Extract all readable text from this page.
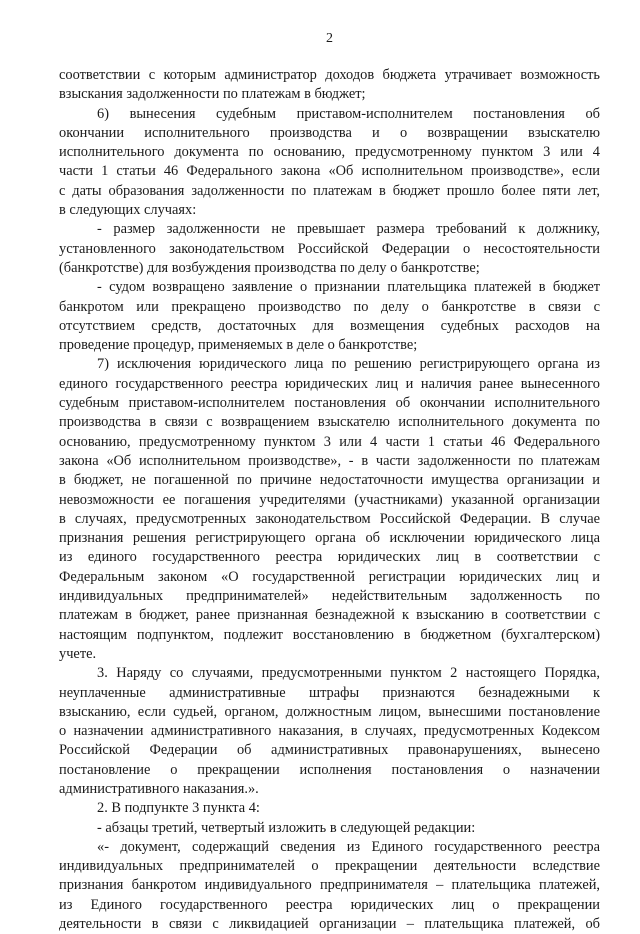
2
соответствии с которым администратор доходов бюджета утрачивает возможность
взыскания задолженности по платежам в бюджет;
6) вынесения судебным приставом-исполнителем постановления об
окончании исполнительного производства и о возвращении взыскателю
исполнительного документа по основанию, предусмотренному пунктом 3 или 4
части 1 статьи 46 Федерального закона «Об исполнительном производстве», если
с даты образования задолженности по платежам в бюджет прошло более пяти лет,
в следующих случаях:
- размер задолженности не превышает размера требований к должнику,
установленного законодательством Российской Федерации о несостоятельности
(банкротстве) для возбуждения производства по делу о банкротстве;
- судом возвращено заявление о признании плательщика платежей в бюджет
банкротом или прекращено производство по делу о банкротстве в связи с
отсутствием средств, достаточных для возмещения судебных расходов на
проведение процедур, применяемых в деле о банкротстве;
7) исключения юридического лица по решению регистрирующего органа из
единого государственного реестра юридических лиц и наличия ранее вынесенного
судебным приставом-исполнителем постановления об окончании исполнительного
производства в связи с возвращением взыскателю исполнительного документа по
основанию, предусмотренному пунктом 3 или 4 части 1 статьи 46 Федерального
закона «Об исполнительном производстве», - в части задолженности по платежам
в бюджет, не погашенной по причине недостаточности имущества организации и
невозможности ее погашения учредителями (участниками) указанной организации
в случаях, предусмотренных законодательством Российской Федерации. В случае
признания решения регистрирующего органа об исключении юридического лица
из единого государственного реестра юридических лиц в соответствии с
Федеральным законом «О государственной регистрации юридических лиц и
индивидуальных предпринимателей» недействительным задолженность по
платежам в бюджет, ранее признанная безнадежной к взысканию в соответствии с
настоящим подпунктом, подлежит восстановлению в бюджетном (бухгалтерском)
учете.
3. Наряду со случаями, предусмотренными пунктом 2 настоящего Порядка,
неуплаченные административные штрафы признаются безнадежными к
взысканию, если судьей, органом, должностным лицом, вынесшими постановление
о назначении административного наказания, в случаях, предусмотренных Кодексом
Российской Федерации об административных правонарушениях, вынесено
постановление о прекращении исполнения постановления о назначении
административного наказания.».
2. В подпункте 3 пункта 4:
- абзацы третий, четвертый изложить в следующей редакции:
«- документ, содержащий сведения из Единого государственного реестра
индивидуальных предпринимателей о прекращении деятельности вследствие
признания банкротом индивидуального предпринимателя – плательщика платежей,
из Единого государственного реестра юридических лиц о прекращении
деятельности в связи с ликвидацией организации – плательщика платежей, об
